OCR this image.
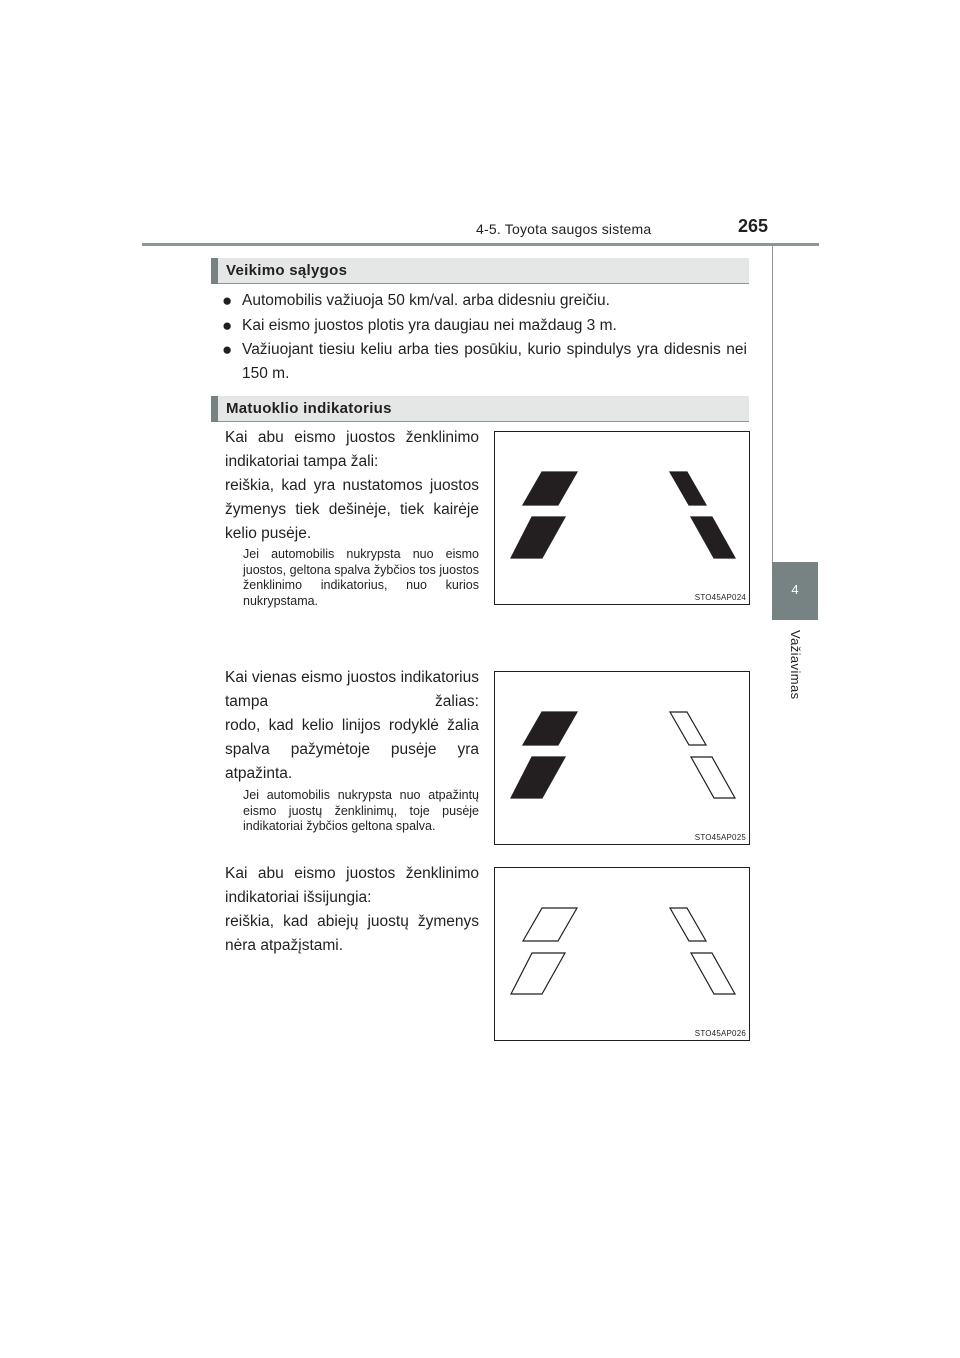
4-5. Toyota saugos sistema	265
4
Važiavimas
Veikimo sąlygos
● Automobilis važiuoja 50 km/val. arba didesniu greičiu.
● Kai eismo juostos plotis yra daugiau nei maždaug 3 m.
● Važiuojant tiesiu keliu arba ties posūkiu, kurio spindulys yra didesnis nei 150 m.
Matuoklio indikatorius
Kai abu eismo juostos ženklinimo indikatoriai tampa žali:
reiškia, kad yra nustatomos juostos žymenys tiek dešinėje, tiek kairėje kelio pusėje.
Jei automobilis nukrypsta nuo eismo juostos, geltona spalva žybčios tos juostos ženklinimo indikatorius, nuo kurios nukrypstama.	STO45AP024
Kai vienas eismo juostos indikatorius tampa žalias:
rodo, kad kelio linijos rodyklė žalia spalva pažymėtoje pusėje yra atpažinta.
Jei automobilis nukrypsta nuo atpažintų eismo juostų ženklinimų, toje pusėje indikatoriai žybčios geltona spalva.
STO45AP025
Kai abu eismo juostos ženklinimo indikatoriai išsijungia:
reiškia, kad abiejų juostų žymenys nėra atpažįstami.
STO45AP026
